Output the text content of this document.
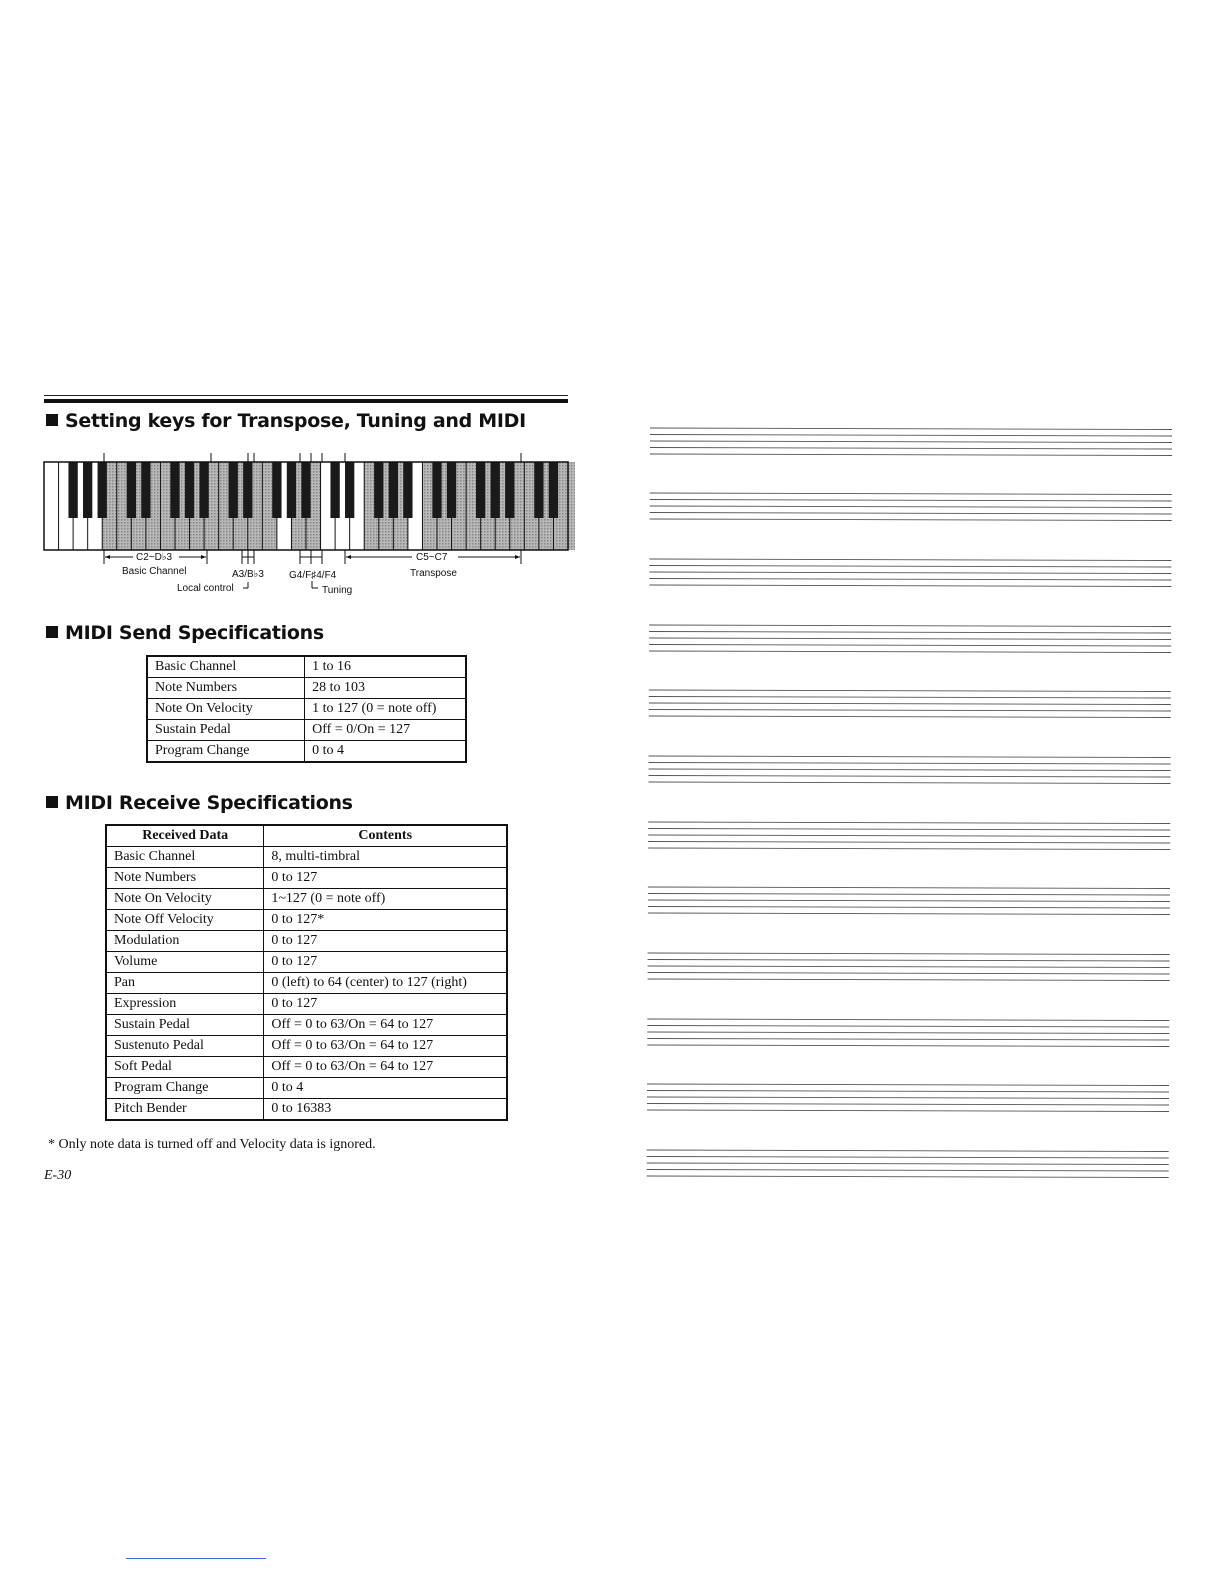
Setting keys for Transpose, Tuning and MIDI
C2~D♭3
Basic Channel	A3/B♭3
Local control
G4/F♯4/F4
Tuning
C5~C7
Transpose
MIDI Send Specifications
Basic Channel	1 to 16
Note Numbers	28 to 103
Note On Velocity	1 to 127 (0 = note off)
Sustain Pedal	Off = 0/On = 127
Program Change	0 to 4
MIDI Receive Specifications
Received Data	Contents
Basic Channel	8, multi-timbral
Note Numbers	0 to 127
Note On Velocity	1~127 (0 = note off)
Note Off Velocity	0 to 127*
Modulation	0 to 127
Volume	0 to 127
Pan	0 (left) to 64 (center) to 127 (right)
Expression	0 to 127
Sustain Pedal	Off = 0 to 63/On = 64 to 127
Sustenuto Pedal	Off = 0 to 63/On = 64 to 127
Soft Pedal	Off = 0 to 63/On = 64 to 127
Program Change	0 to 4
Pitch Bender	0 to 16383
* Only note data is turned off and Velocity data is ignored.
E-30
